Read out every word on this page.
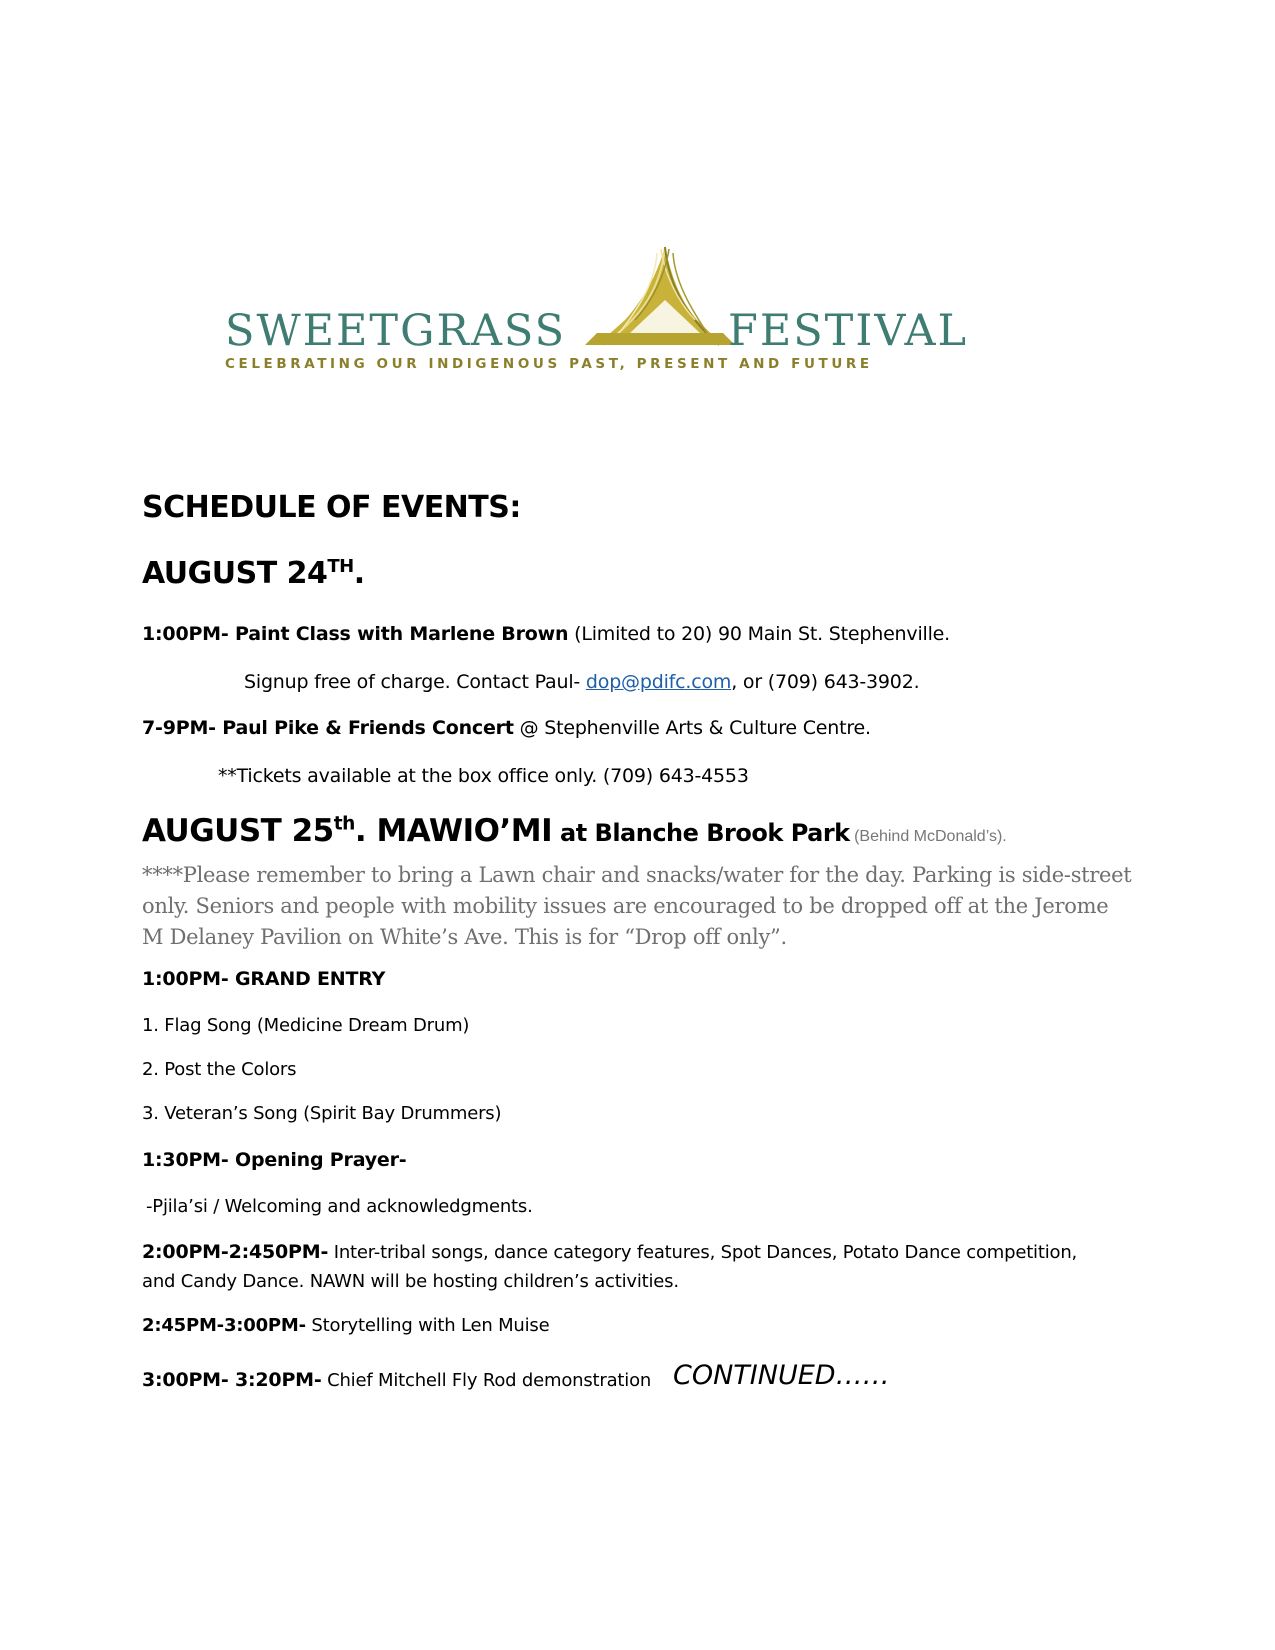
SWEETGRASS	FESTIVAL
CELEBRATING OUR INDIGENOUS PAST, PRESENT AND FUTURE
SCHEDULE OF EVENTS:
AUGUST 24TH.
1:00PM- Paint Class with Marlene Brown (Limited to 20) 90 Main St. Stephenville.
Signup free of charge. Contact Paul- dop@pdifc.com, or (709) 643-3902.
7-9PM- Paul Pike & Friends Concert @ Stephenville Arts & Culture Centre.
**Tickets available at the box office only. (709) 643-4553
AUGUST 25th. MAWIO’MI at Blanche Brook Park (Behind McDonald’s).
****Please remember to bring a Lawn chair and snacks/water for the day. Parking is side-street only. Seniors and people with mobility issues are encouraged to be dropped off at the Jerome M Delaney Pavilion on White’s Ave. This is for “Drop off only”.
1:00PM- GRAND ENTRY
1. Flag Song (Medicine Dream Drum)
2. Post the Colors
3. Veteran’s Song (Spirit Bay Drummers)
1:30PM- Opening Prayer-
-Pjila’si / Welcoming and acknowledgments.
2:00PM-2:450PM- Inter-tribal songs, dance category features, Spot Dances, Potato Dance competition,
and Candy Dance. NAWN will be hosting children’s activities.
2:45PM-3:00PM- Storytelling with Len Muise
3:00PM- 3:20PM- Chief Mitchell Fly Rod demonstration CONTINUED……
